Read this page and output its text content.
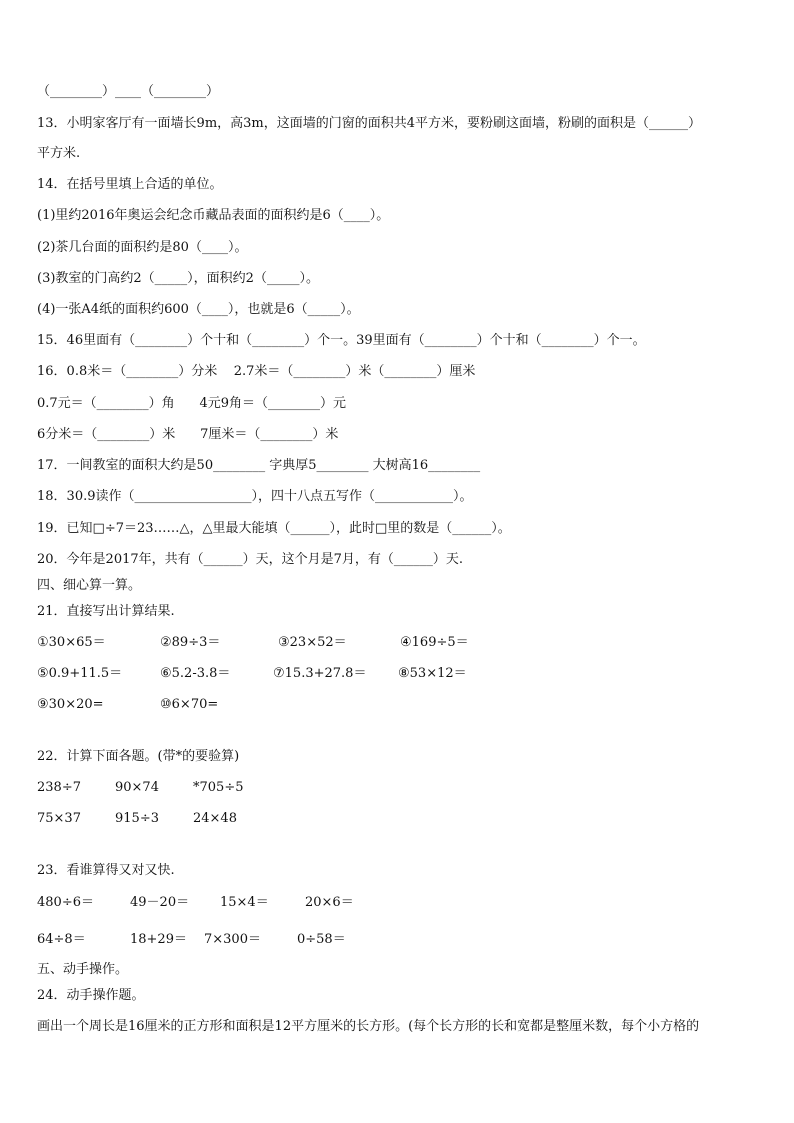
（________）____（________）
13．小明家客厅有一面墙长9m，高3m，这面墙的门窗的面积共4平方米，要粉刷这面墙，粉刷的面积是（______）
平方米.
14．在括号里填上合适的单位。
(1)里约2016年奥运会纪念币藏品表面的面积约是6（____）。
(2)茶几台面的面积约是80（____）。
(3)教室的门高约2（_____），面积约2（_____）。
(4)一张A4纸的面积约600（____），也就是6（_____）。
15．46里面有（________）个十和（________）个一。39里面有（________）个十和（________）个一。
16．0.8米＝（________）分米    2.7米＝（________）米（________）厘米
0.7元＝（________）角      4元9角＝（________）元
6分米＝（________）米      7厘米＝（________）米
17．一间教室的面积大约是50________ 字典厚5________ 大树高16________
18．30.9读作（__________________），四十八点五写作（____________）。
19．已知□÷7＝23……△，△里最大能填（______），此时□里的数是（______）。
20．今年是2017年，共有（______）天，这个月是7月，有（______）天.
四、细心算一算。
21．直接写出计算结果.
①30×65＝	②89÷3＝	③23×52＝	④169÷5＝
⑤0.9+11.5＝	⑥5.2-3.8＝	⑦15.3+27.8＝ ⑧53×12＝
⑨30×20=	⑩6×70=
22．计算下面各题。(带*的要验算)
238÷7	90×74	*705÷5
75×37	915÷3	24×48
23．看谁算得又对又快.
480÷6＝	49－20＝ 15×4＝	20×6＝
64÷8＝	18+29＝ 7×300＝	0÷58＝
五、动手操作。
24．动手操作题。
画出一个周长是16厘米的正方形和面积是12平方厘米的长方形。(每个长方形的长和宽都是整厘米数，每个小方格的
